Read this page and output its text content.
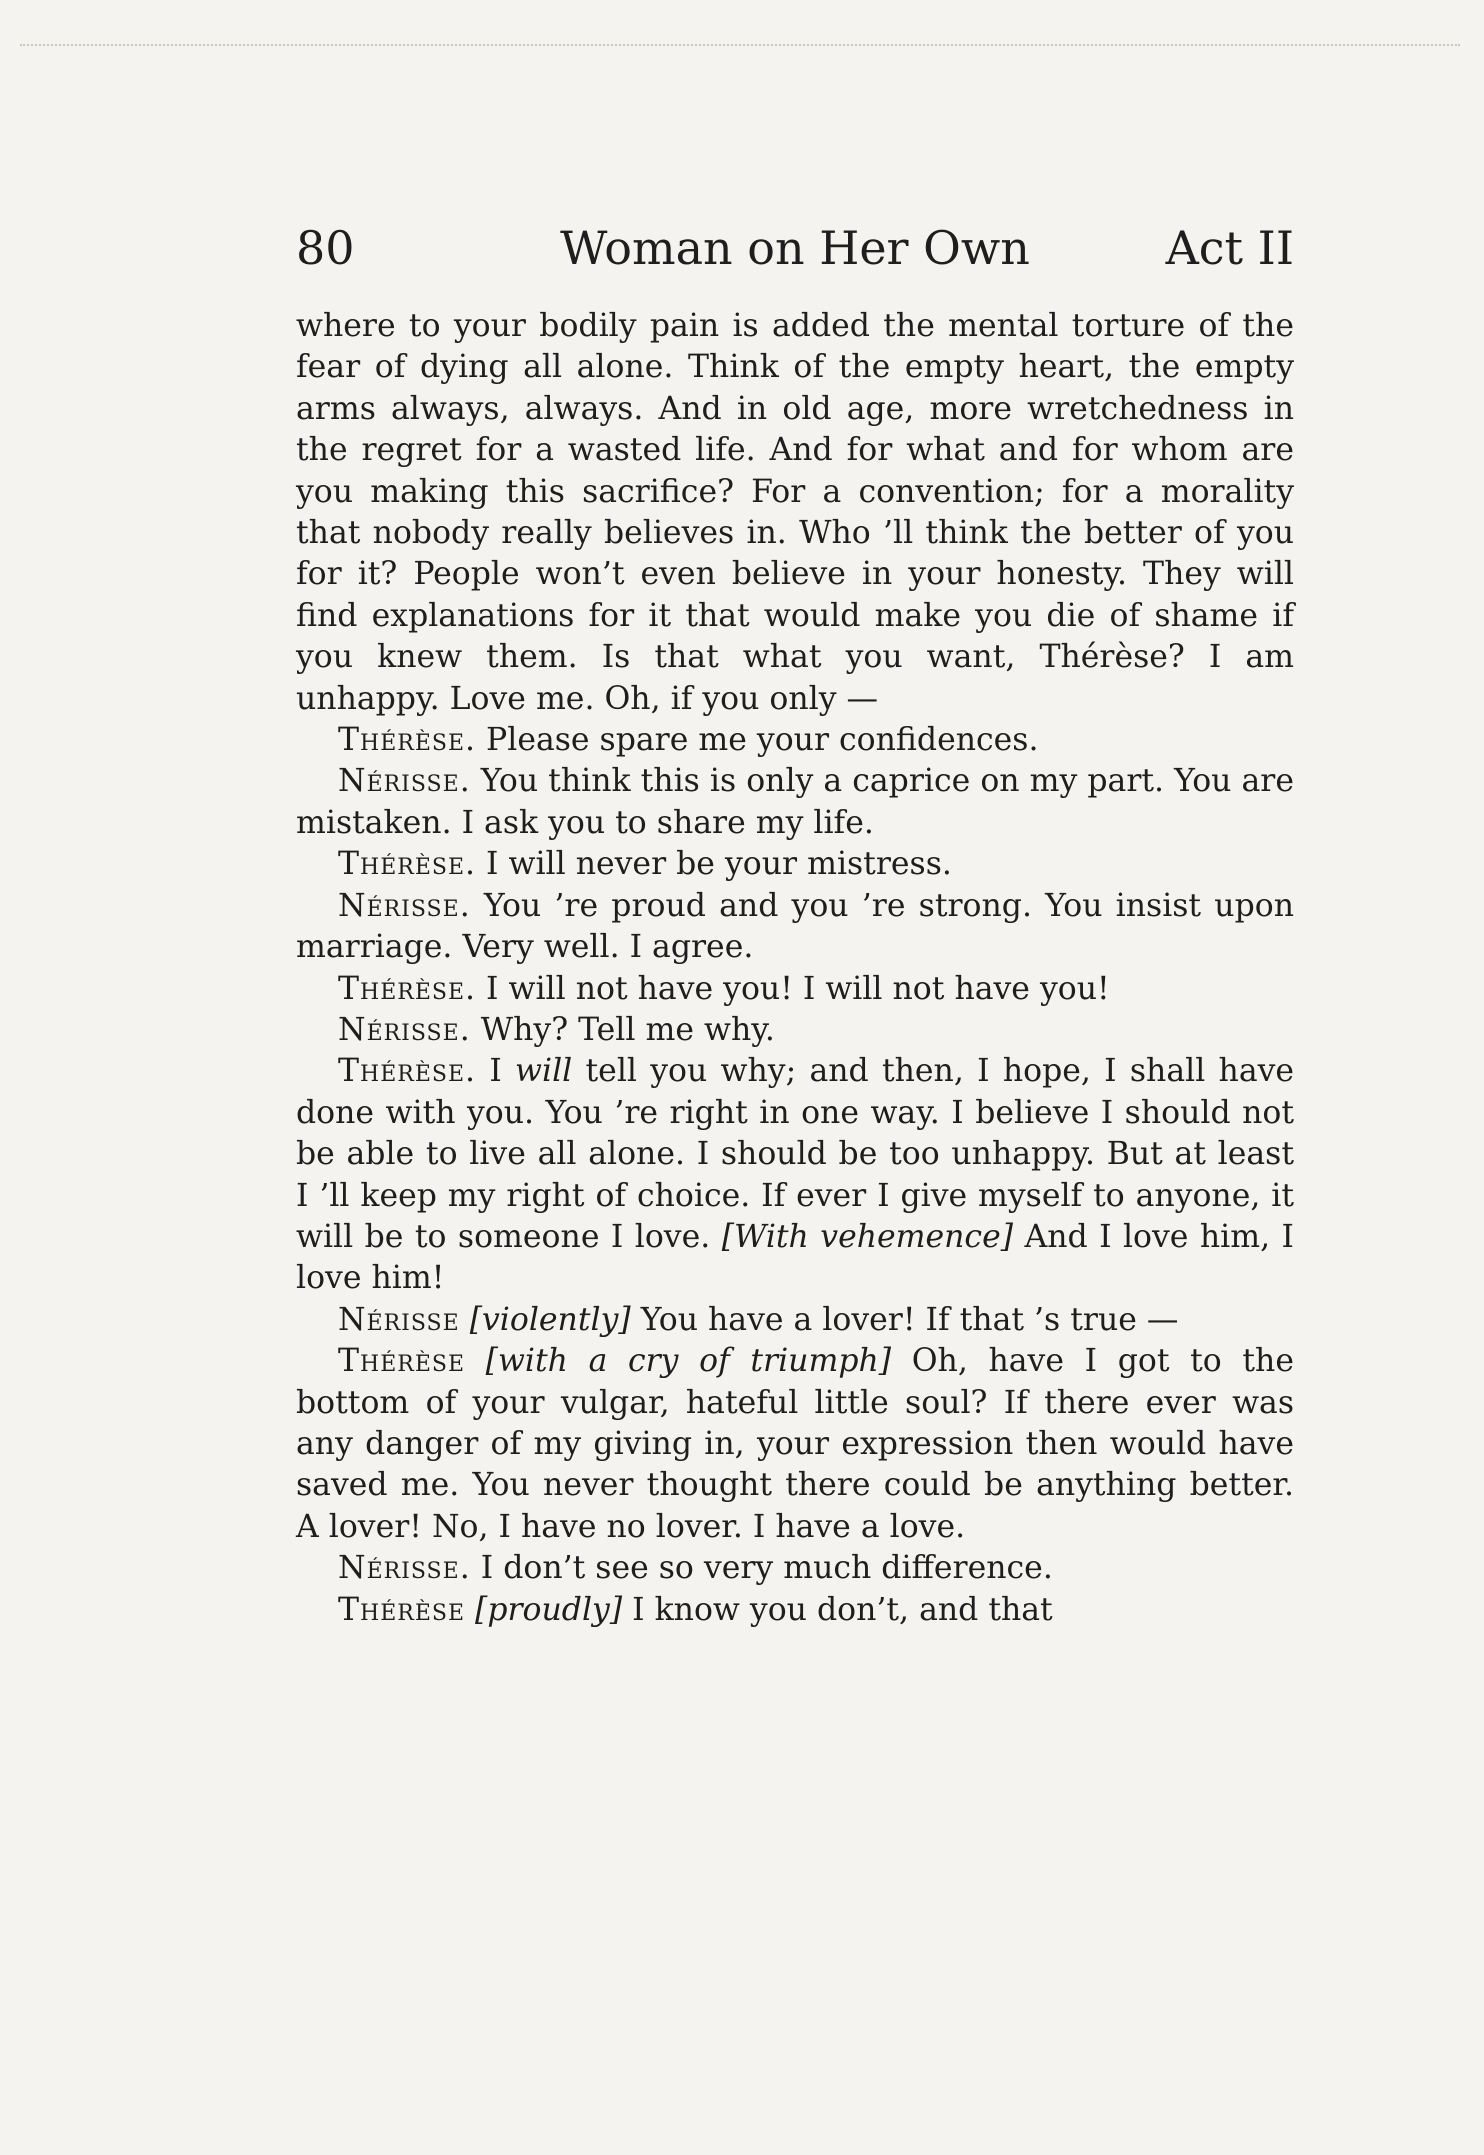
Woman on Her Own
80	Act II

where to your bodily pain is added the mental torture of the fear of dying all alone. Think of the empty heart, the empty arms always, always. And in old age, more wretchedness in the regret for a wasted life. And for what and for whom are you making this sacrifice? For a convention; for a morality that nobody really believes in. Who ’ll think the better of you for it? People won’t even believe in your honesty. They will find explanations for it that would make you die of shame if you knew them. Is that what you want, Thérèse? I am unhappy. Love me. Oh, if you only —

Thérèse. Please spare me your confidences.

Nérisse. You think this is only a caprice on my part. You are mistaken. I ask you to share my life.

Thérèse. I will never be your mistress.

Nérisse. You ’re proud and you ’re strong. You insist upon marriage. Very well. I agree.

Thérèse. I will not have you! I will not have you!

Nérisse. Why? Tell me why.

Thérèse. I will tell you why; and then, I hope, I shall have done with you. You ’re right in one way. I believe I should not be able to live all alone. I should be too unhappy. But at least I ’ll keep my right of choice. If ever I give myself to anyone, it will be to someone I love. [With vehemence] And I love him, I love him!

Nérisse [violently] You have a lover! If that ’s true —

Thérèse [with a cry of triumph] Oh, have I got to the bottom of your vulgar, hateful little soul? If there ever was any danger of my giving in, your expression then would have saved me. You never thought there could be anything better. A lover! No, I have no lover. I have a love.

Nérisse. I don’t see so very much difference.

Thérèse [proudly] I know you don’t, and that
